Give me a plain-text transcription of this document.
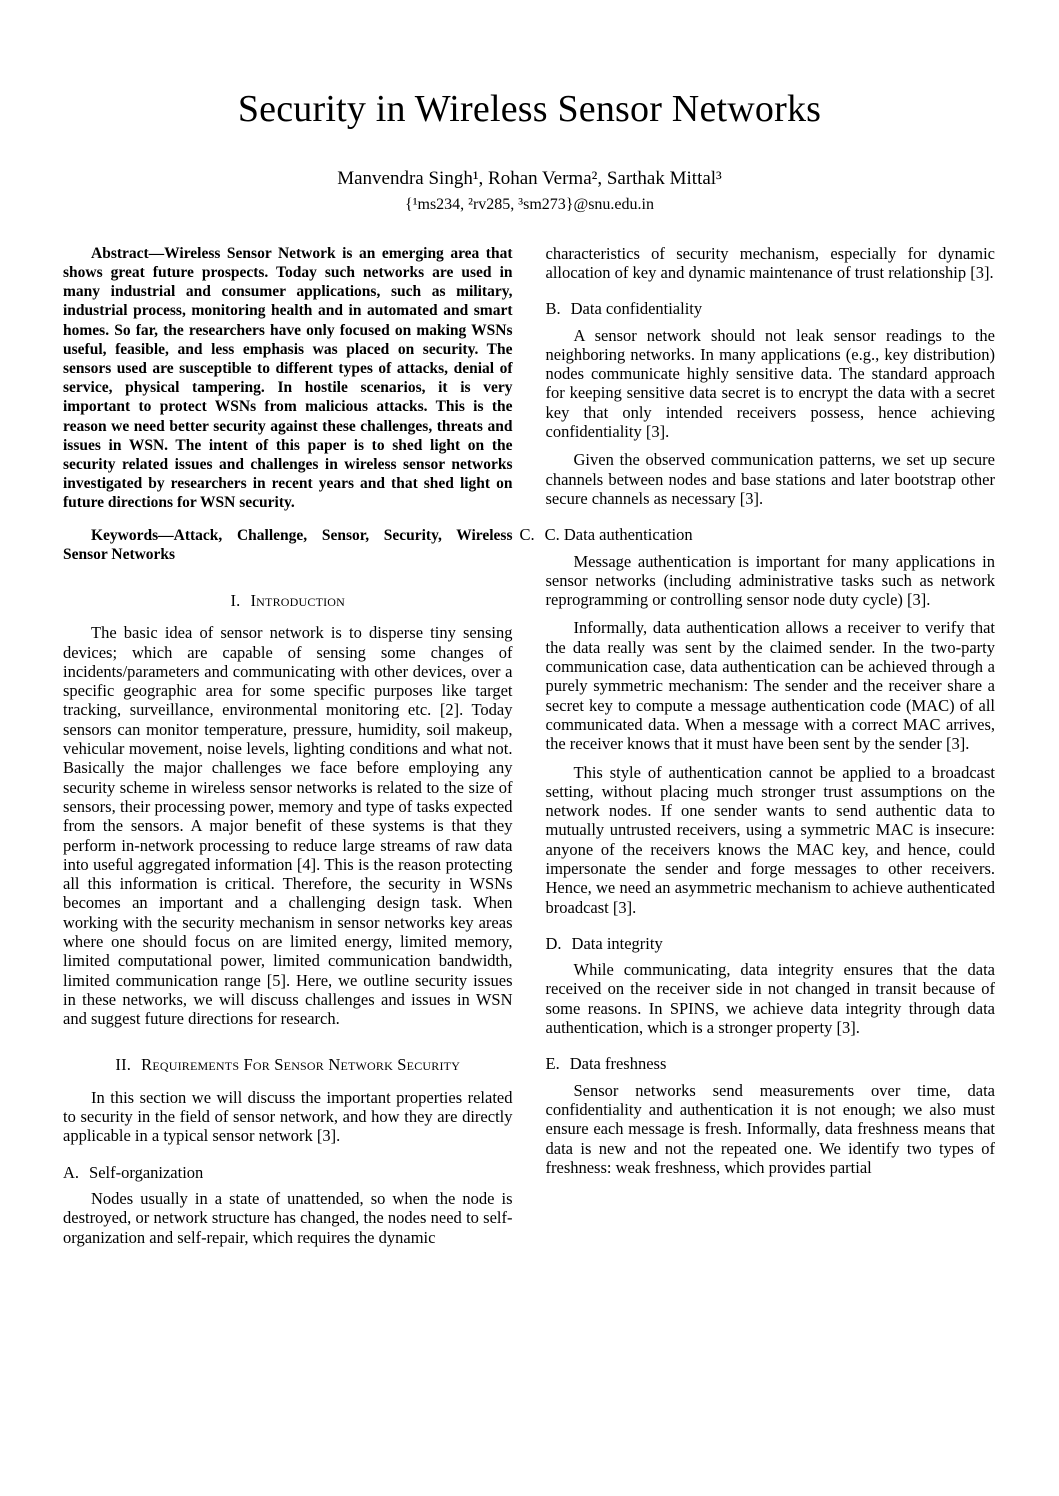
Security in Wireless Sensor Networks
Manvendra Singh¹, Rohan Verma², Sarthak Mittal³
{¹ms234, ²rv285, ³sm273}@snu.edu.in
Abstract—Wireless Sensor Network is an emerging area that shows great future prospects. Today such networks are used in many industrial and consumer applications, such as military, industrial process, monitoring health and in automated and smart homes. So far, the researchers have only focused on making WSNs useful, feasible, and less emphasis was placed on security. The sensors used are susceptible to different types of attacks, denial of service, physical tampering. In hostile scenarios, it is very important to protect WSNs from malicious attacks. This is the reason we need better security against these challenges, threats and issues in WSN. The intent of this paper is to shed light on the security related issues and challenges in wireless sensor networks investigated by researchers in recent years and that shed light on future directions for WSN security.
Keywords—Attack, Challenge, Sensor, Security, Wireless Sensor Networks
I. Introduction
The basic idea of sensor network is to disperse tiny sensing devices; which are capable of sensing some changes of incidents/parameters and communicating with other devices, over a specific geographic area for some specific purposes like target tracking, surveillance, environmental monitoring etc. [2]. Today sensors can monitor temperature, pressure, humidity, soil makeup, vehicular movement, noise levels, lighting conditions and what not. Basically the major challenges we face before employing any security scheme in wireless sensor networks is related to the size of sensors, their processing power, memory and type of tasks expected from the sensors. A major benefit of these systems is that they perform in-network processing to reduce large streams of raw data into useful aggregated information [4]. This is the reason protecting all this information is critical. Therefore, the security in WSNs becomes an important and a challenging design task. When working with the security mechanism in sensor networks key areas where one should focus on are limited energy, limited memory, limited computational power, limited communication bandwidth, limited communication range [5]. Here, we outline security issues in these networks, we will discuss challenges and issues in WSN and suggest future directions for research.
II. Requirements For Sensor Network Security
In this section we will discuss the important properties related to security in the field of sensor network, and how they are directly applicable in a typical sensor network [3].
A. Self-organization
Nodes usually in a state of unattended, so when the node is destroyed, or network structure has changed, the nodes need to self-organization and self-repair, which requires the dynamic
characteristics of security mechanism, especially for dynamic allocation of key and dynamic maintenance of trust relationship [3].
B. Data confidentiality
A sensor network should not leak sensor readings to the neighboring networks. In many applications (e.g., key distribution) nodes communicate highly sensitive data. The standard approach for keeping sensitive data secret is to encrypt the data with a secret key that only intended receivers possess, hence achieving confidentiality [3].
Given the observed communication patterns, we set up secure channels between nodes and base stations and later bootstrap other secure channels as necessary [3].
C. C. Data authentication
Message authentication is important for many applications in sensor networks (including administrative tasks such as network reprogramming or controlling sensor node duty cycle) [3].
Informally, data authentication allows a receiver to verify that the data really was sent by the claimed sender. In the two-party communication case, data authentication can be achieved through a purely symmetric mechanism: The sender and the receiver share a secret key to compute a message authentication code (MAC) of all communicated data. When a message with a correct MAC arrives, the receiver knows that it must have been sent by the sender [3].
This style of authentication cannot be applied to a broadcast setting, without placing much stronger trust assumptions on the network nodes. If one sender wants to send authentic data to mutually untrusted receivers, using a symmetric MAC is insecure: anyone of the receivers knows the MAC key, and hence, could impersonate the sender and forge messages to other receivers. Hence, we need an asymmetric mechanism to achieve authenticated broadcast [3].
D. Data integrity
While communicating, data integrity ensures that the data received on the receiver side in not changed in transit because of some reasons. In SPINS, we achieve data integrity through data authentication, which is a stronger property [3].
E. Data freshness
Sensor networks send measurements over time, data confidentiality and authentication it is not enough; we also must ensure each message is fresh. Informally, data freshness means that data is new and not the repeated one. We identify two types of freshness: weak freshness, which provides partial
